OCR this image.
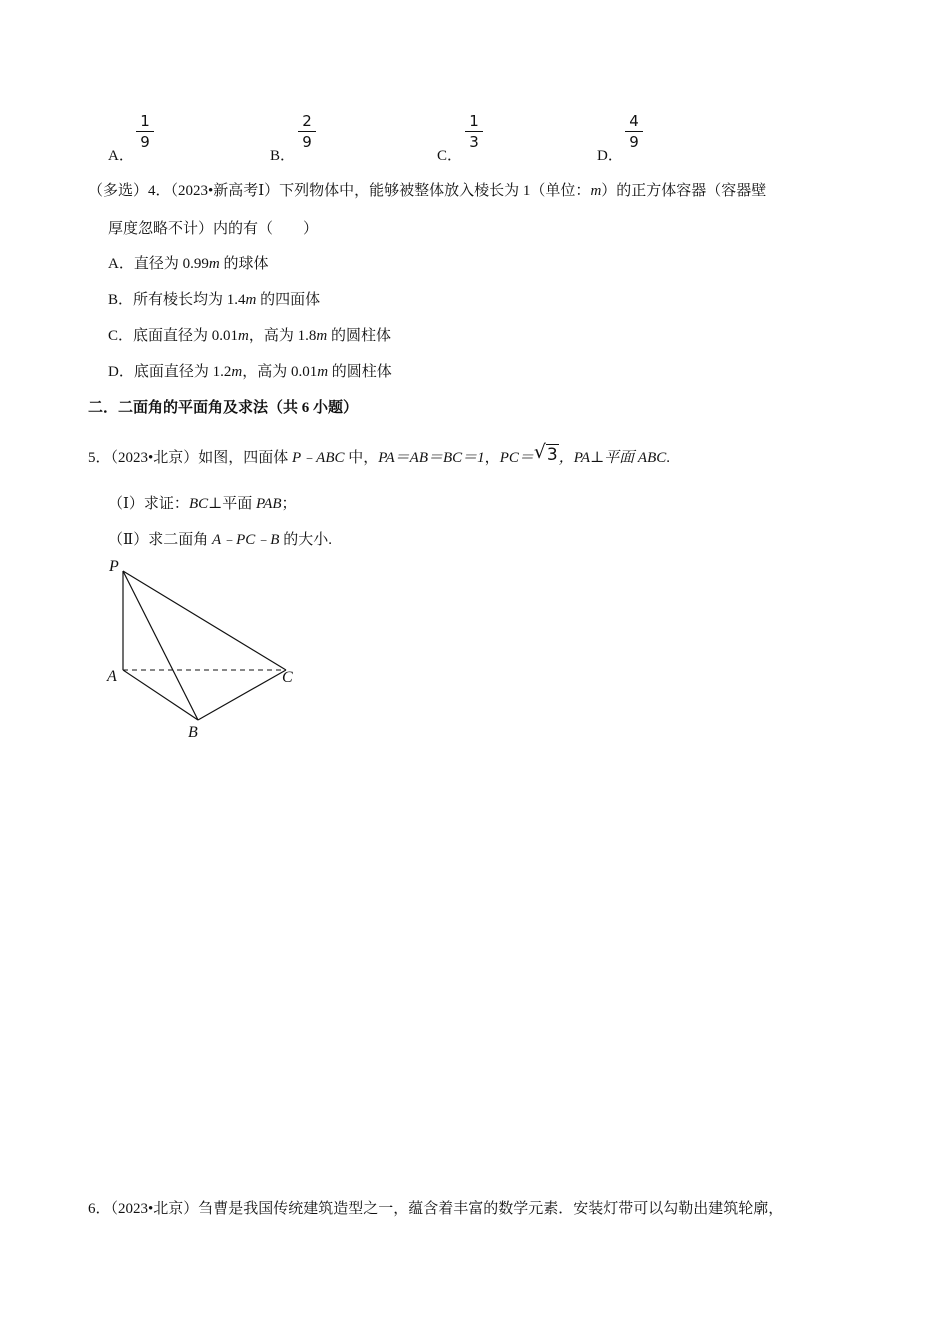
A．
1
9
B．
2
9
C．
1
3
D．
4
9
（多选）4．（2023•新高考Ⅰ）下列物体中，能够被整体放入棱长为 1（单位：m）的正方体容器（容器壁
厚度忽略不计）内的有（　　）
A．直径为 0.99m 的球体
B．所有棱长均为 1.4m 的四面体
C．底面直径为 0.01m，高为 1.8m 的圆柱体
D．底面直径为 1.2m，高为 0.01m 的圆柱体
二．二面角的平面角及求法（共 6 小题）
5．（2023•北京）如图，四面体 P﹣ABC 中，PA＝AB＝BC＝1，PC＝ √ 3，PA⊥平面 ABC.
（Ⅰ）求证：BC⊥平面 PAB；
（Ⅱ）求二面角 A﹣PC﹣B 的大小.
P
A
B
C
6．（2023•北京）刍曹是我国传统建筑造型之一，蕴含着丰富的数学元素．安装灯带可以勾勒出建筑轮廓，
